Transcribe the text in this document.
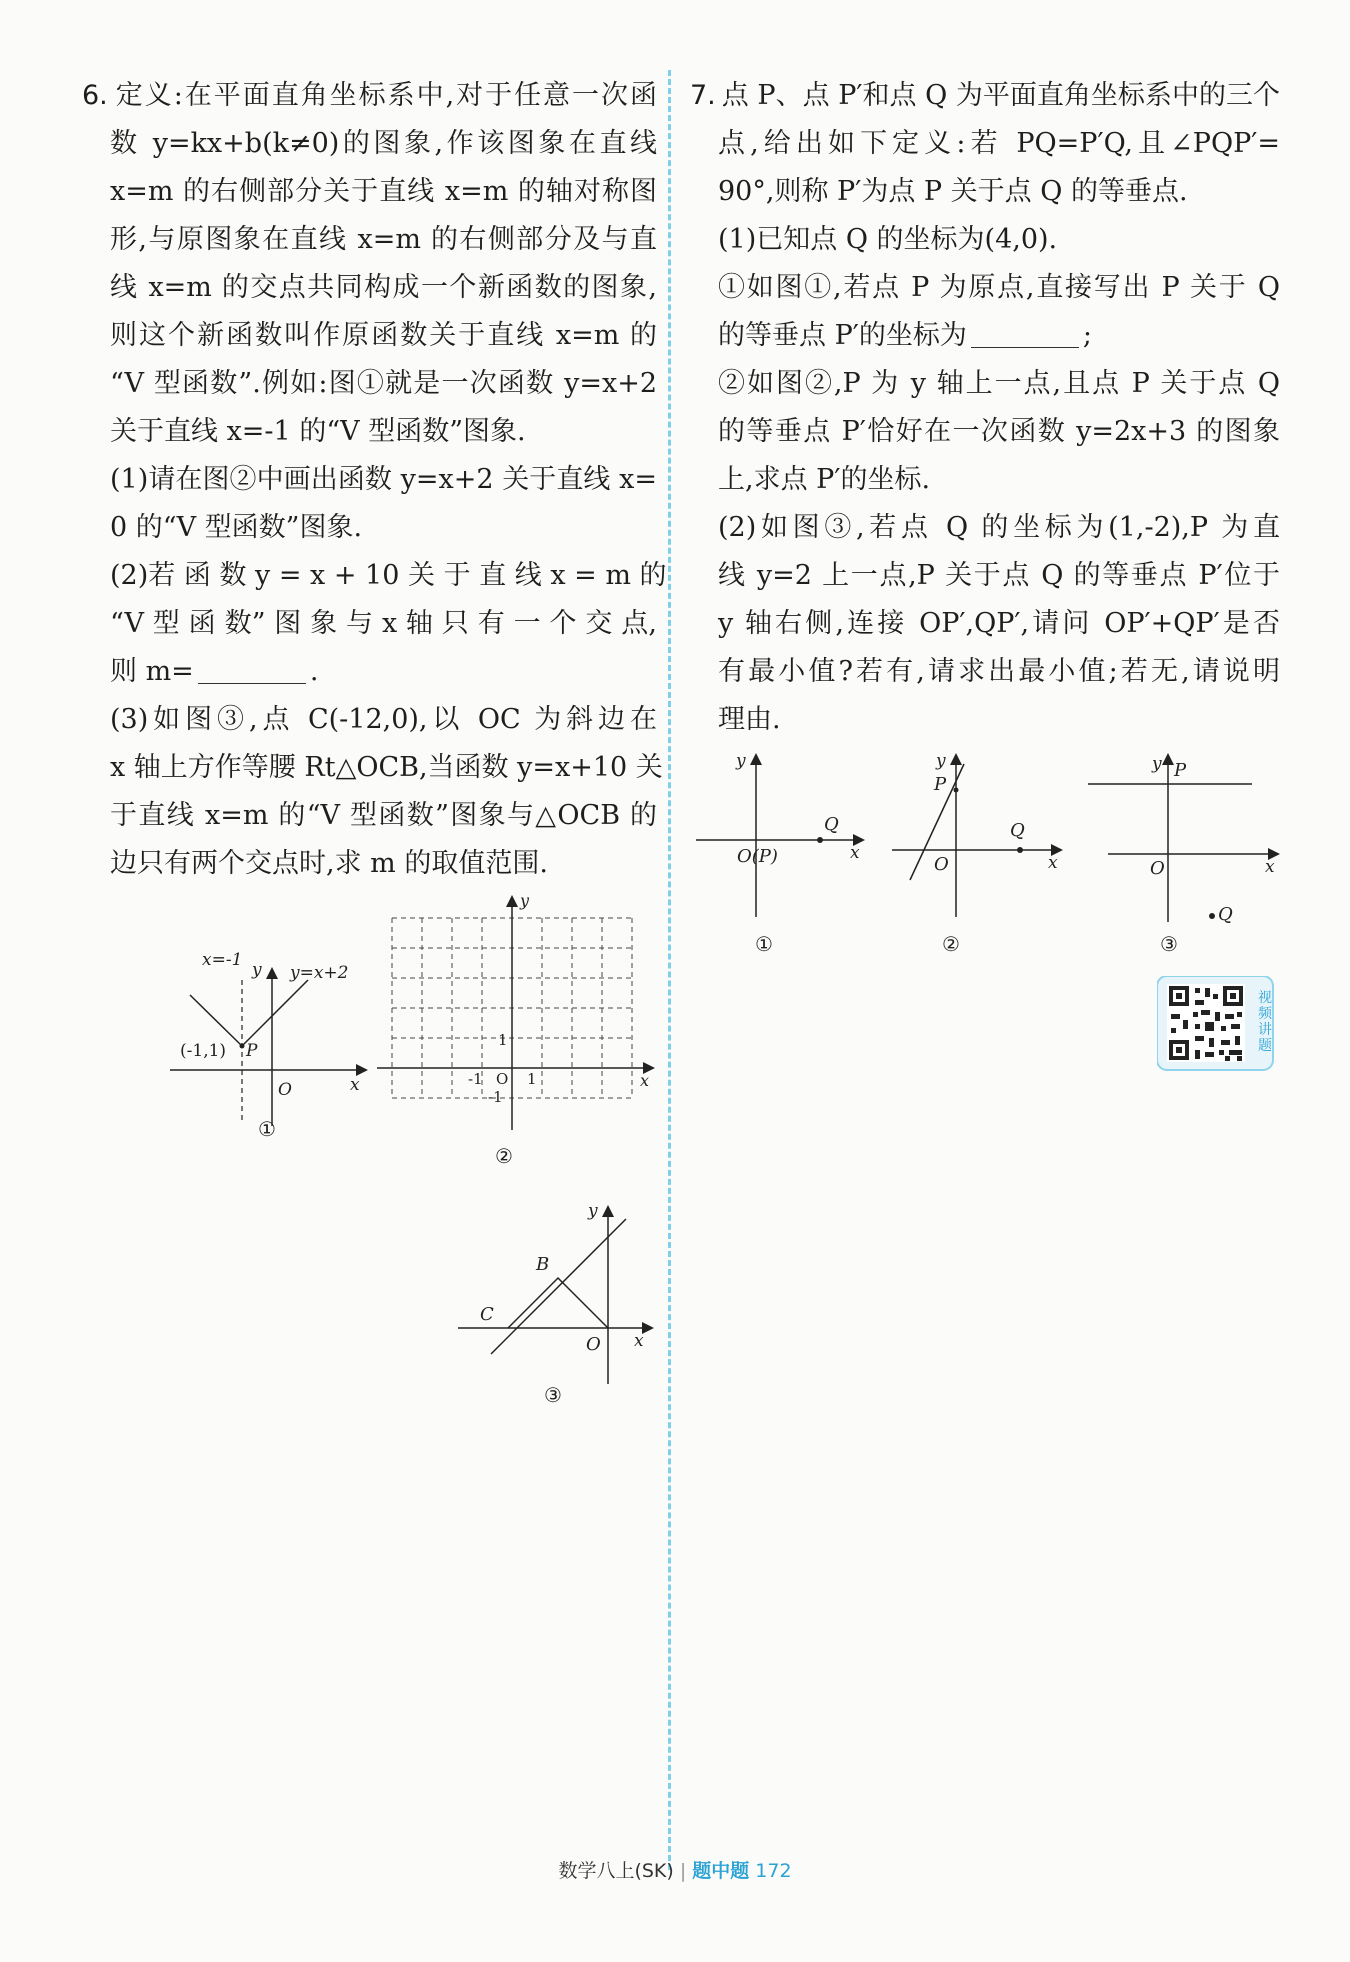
6. 定义:在平面直角坐标系中,对于任意一次函
数 y=kx+b(k≠0)的图象,作该图象在直线
x=m 的右侧部分关于直线 x=m 的轴对称图
形,与原图象在直线 x=m 的右侧部分及与直
线 x=m 的交点共同构成一个新函数的图象,
则这个新函数叫作原函数关于直线 x=m 的
“V 型函数”.例如:图①就是一次函数 y=x+2
关于直线 x=-1 的“V 型函数”图象.
(1)请在图②中画出函数 y=x+2 关于直线 x=
0 的“V 型函数”图象.
(2)若 函 数 y = x + 10 关 于 直 线 x = m 的
“V 型 函 数” 图 象 与 x 轴 只 有 一 个 交 点,
则 m=	.
(3)如图③,点 C(-12,0),以 OC 为斜边在
x 轴上方作等腰 Rt△OCB,当函数 y=x+10 关
于直线 x=m 的“V 型函数”图象与△OCB 的
边只有两个交点时,求 m 的取值范围.
x=-1
y=x+2
(-1,1) P
O	x
y
①
y
x
1
-1 O 1
-1
②
B
C
O x
y
③
7. 点 P、点 P′和点 Q 为平面直角坐标系中的三个
点,给出如下定义:若 PQ=P′Q,且∠PQP′=
90°,则称 P′为点 P 关于点 Q 的等垂点.
(1)已知点 Q 的坐标为(4,0).
①如图①,若点 P 为原点,直接写出 P 关于 Q
的等垂点 P′的坐标为	;
②如图②,P 为 y 轴上一点,且点 P 关于点 Q
的等垂点 P′恰好在一次函数 y=2x+3 的图象
上,求点 P′的坐标.
(2)如图③,若点 Q 的坐标为(1,-2),P 为直
线 y=2 上一点,P 关于点 Q 的等垂点 P′位于
y 轴右侧,连接 OP′,QP′,请问 OP′+QP′是否
有最小值?若有,请求出最小值;若无,请说明
理由.
y
x
Q
O(P)
①
y
x
Q
P
O
②
y P
x
O
Q
③
视频讲题
数学八上(SK) | 题中题 172
